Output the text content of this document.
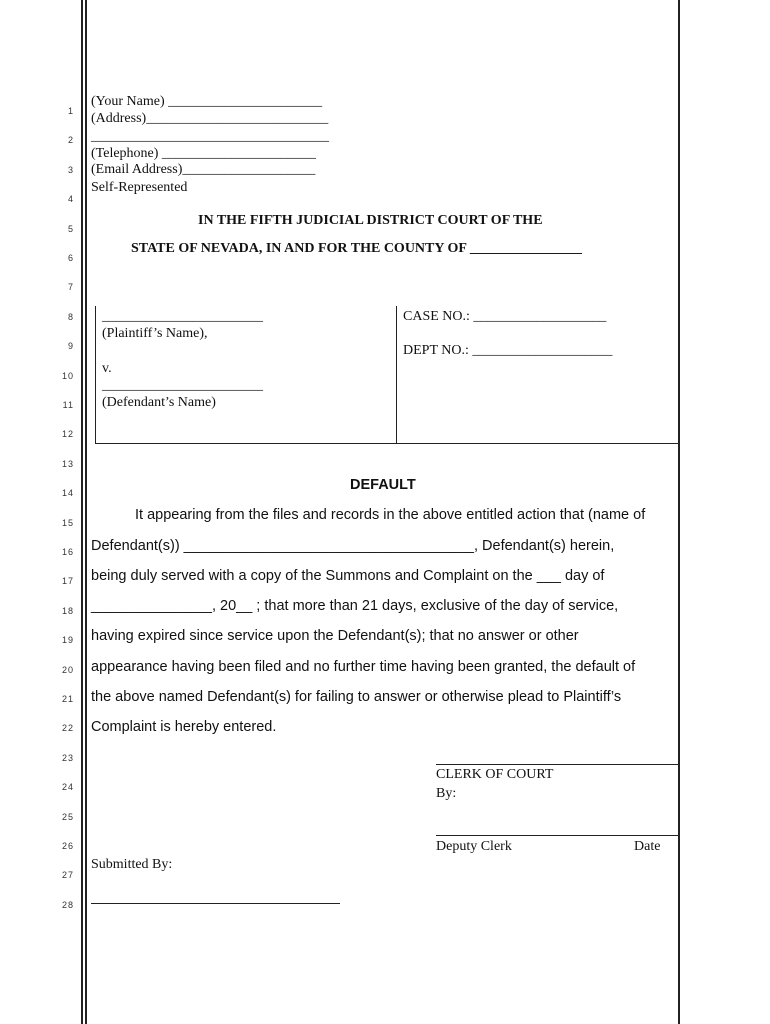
1
2
3
4
5
6
7
8
9
10
11
12
13
14
15
16
17
18
19
20
21
22
23
24
25
26
27
28
(Your Name) ______________________
(Address)__________________________
__________________________________
(Telephone) ______________________
(Email Address)___________________
Self-Represented
IN THE FIFTH JUDICIAL DISTRICT COURT OF THE
STATE OF NEVADA, IN AND FOR THE COUNTY OF ________________
_______________________
(Plaintiff’s Name),
v.
_______________________
(Defendant’s Name)
CASE NO.: ___________________
DEPT NO.: ____________________
DEFAULT
It appearing from the files and records in the above entitled action that (name of
Defendant(s)) ____________________________________, Defendant(s) herein,
being duly served with a copy of the Summons and Complaint on the ___ day of
_______________, 20__ ; that more than 21 days, exclusive of the day of service,
having expired since service upon the Defendant(s); that no answer or other
appearance having been filed and no further time having been granted, the default of
the above named Defendant(s) for failing to answer or otherwise plead to Plaintiff’s
Complaint is hereby entered.
CLERK OF COURT
By:
Deputy Clerk	Date
Submitted By:
